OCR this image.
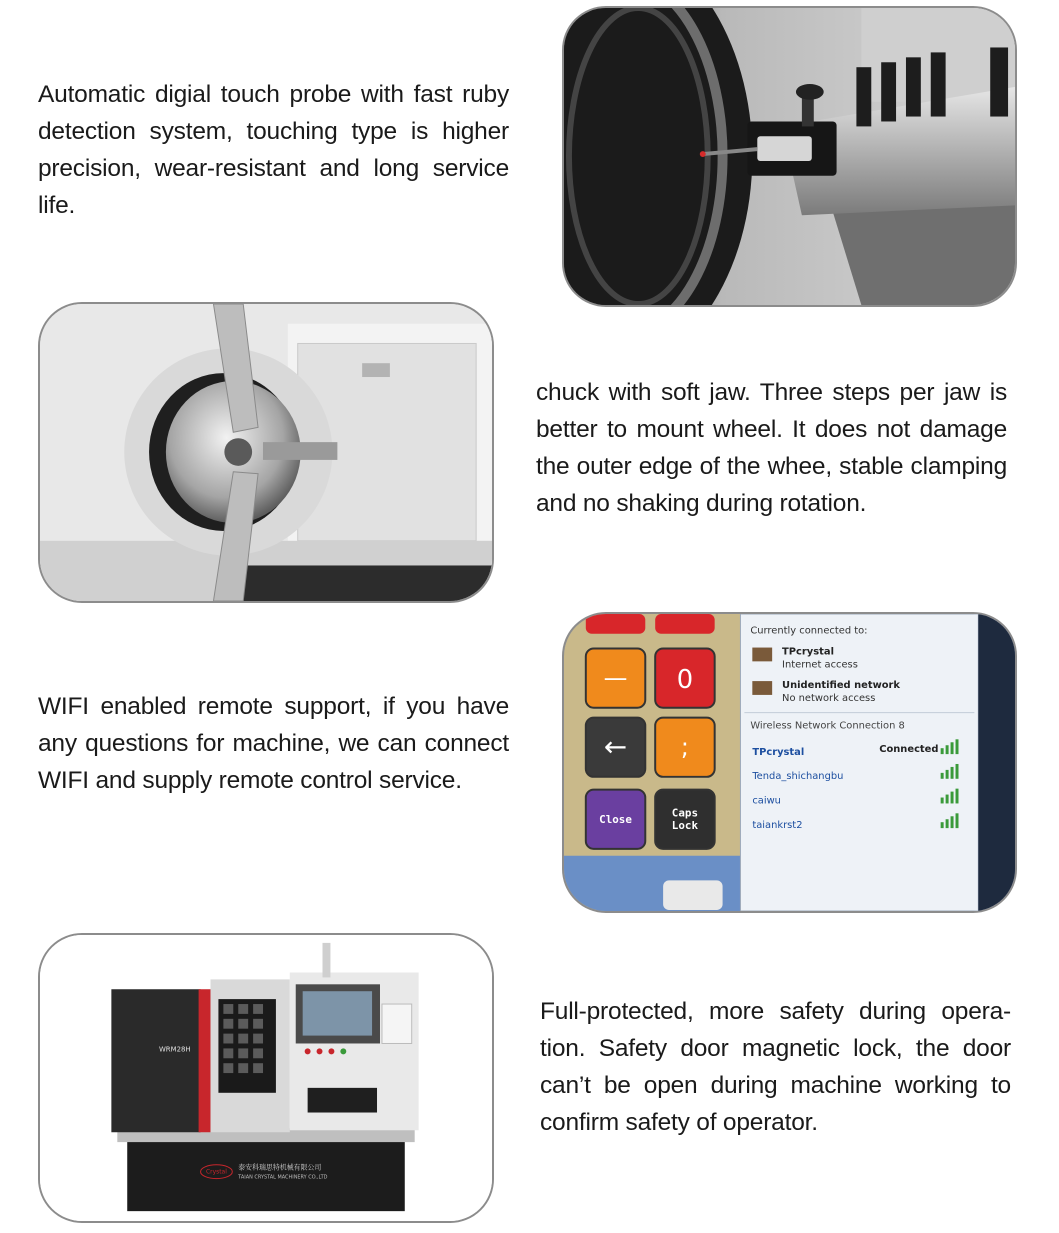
Automatic digial touch probe with fast ruby detection system, touching type is higher precision, wear-resistant and long service life.
chuck with soft jaw. Three steps per jaw is better to mount wheel. It does not damage the outer edge of the whee, stable clamping and no shaking during rotation.
WIFI enabled remote support, if you have any questions for machine, we can connect WIFI and supply remote control service.
— 0
← ;
Close
Caps
Lock
Currently connected to:
TPcrystal
Internet access
Unidentified network
No network access
Wireless Network Connection 8
TPcrystal	Connected
Tenda_shichangbu
caiwu
taiankrst2
WRM28H
Crystal
泰安科瑞思特机械有限公司
TAIAN CRYSTAL MACHINERY CO.,LTD
Full-protected, more safety during opera-tion. Safety door magnetic lock, the door can’t be open during machine working to confirm safety of operator.
